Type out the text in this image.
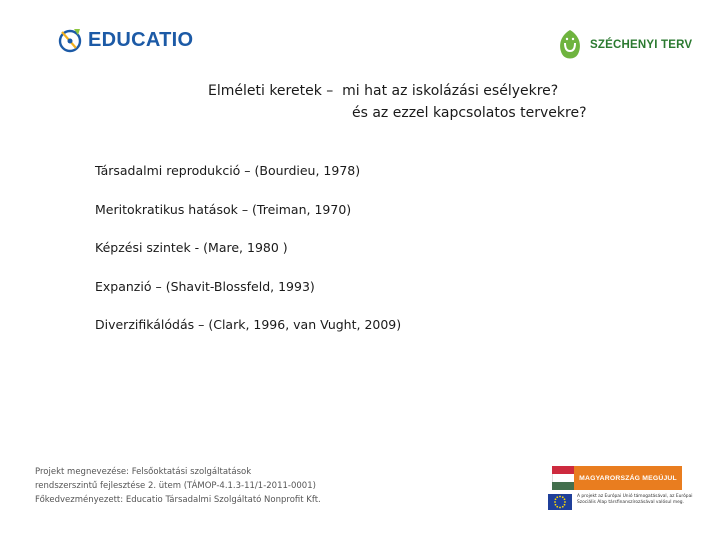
EDUCATIO	SZÉCHENYI TERV
Elméleti keretek –  mi hat az iskolázási esélyekre?
és az ezzel kapcsolatos tervekre?
Társadalmi reprodukció – (Bourdieu, 1978)
Meritokratikus hatások – (Treiman, 1970)
Képzési szintek - (Mare, 1980 )
Expanzió – (Shavit-Blossfeld, 1993)
Diverzifikálódás – (Clark, 1996, van Vught, 2009)
Projekt megnevezése: Felsőoktatási szolgáltatások
rendszerszintű fejlesztése 2. ütem (TÁMOP-4.1.3-11/1-2011-0001)
Főkedvezményezett: Educatio Társadalmi Szolgáltató Nonprofit Kft.
MAGYARORSZÁG MEGÚJUL
A projekt az Európai Unió támogatásával, az Európai
Szociális Alap társfinanszírozásával valósul meg.
